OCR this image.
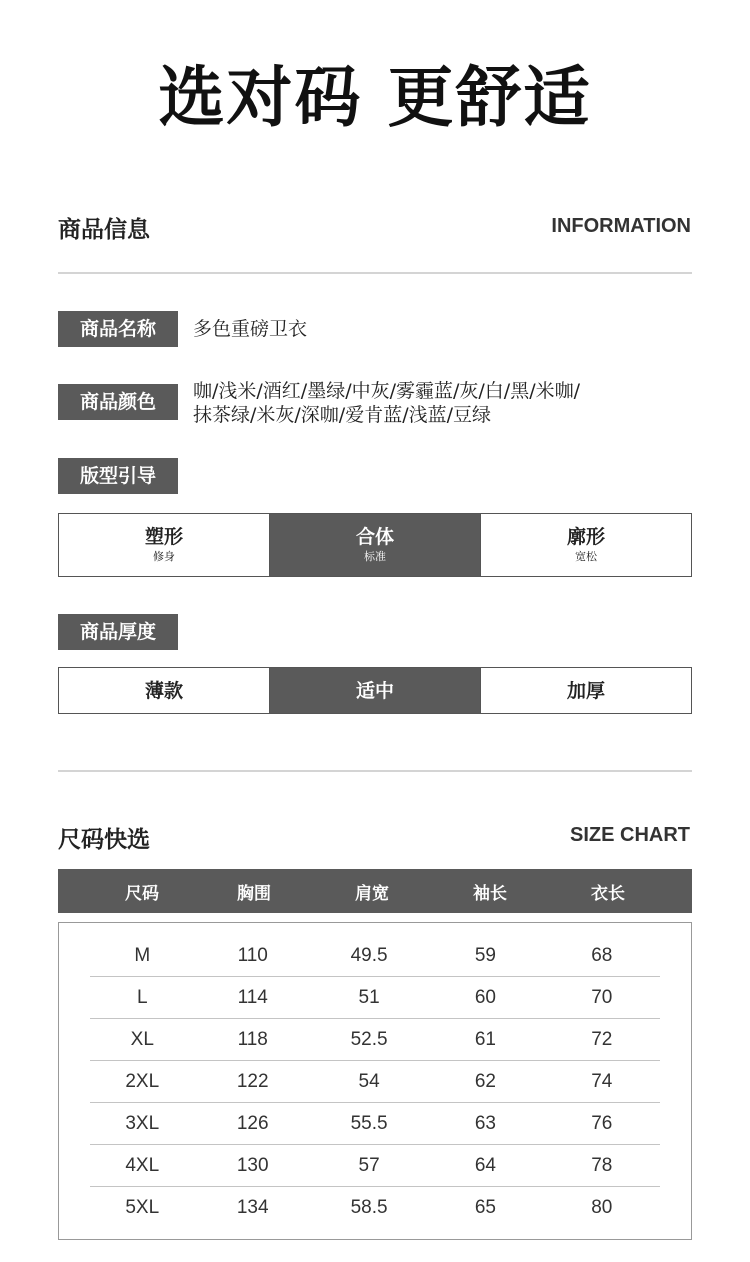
选对码 更舒适
商品信息	INFORMATION
商品名称	多色重磅卫衣
商品颜色	咖/浅米/酒红/墨绿/中灰/雾霾蓝/灰/白/黑/米咖/
抹茶绿/米灰/深咖/爱肯蓝/浅蓝/豆绿
版型引导
塑形
修身
合体
标准
廓形
宽松
商品厚度
薄款	适中	加厚
尺码快选	SIZE CHART
尺码	胸围	肩宽	袖长	衣长
M	110	49.5	59	68
L	114	51	60	70
XL	118	52.5	61	72
2XL	122	54	62	74
3XL	126	55.5	63	76
4XL	130	57	64	78
5XL	134	58.5	65	80
